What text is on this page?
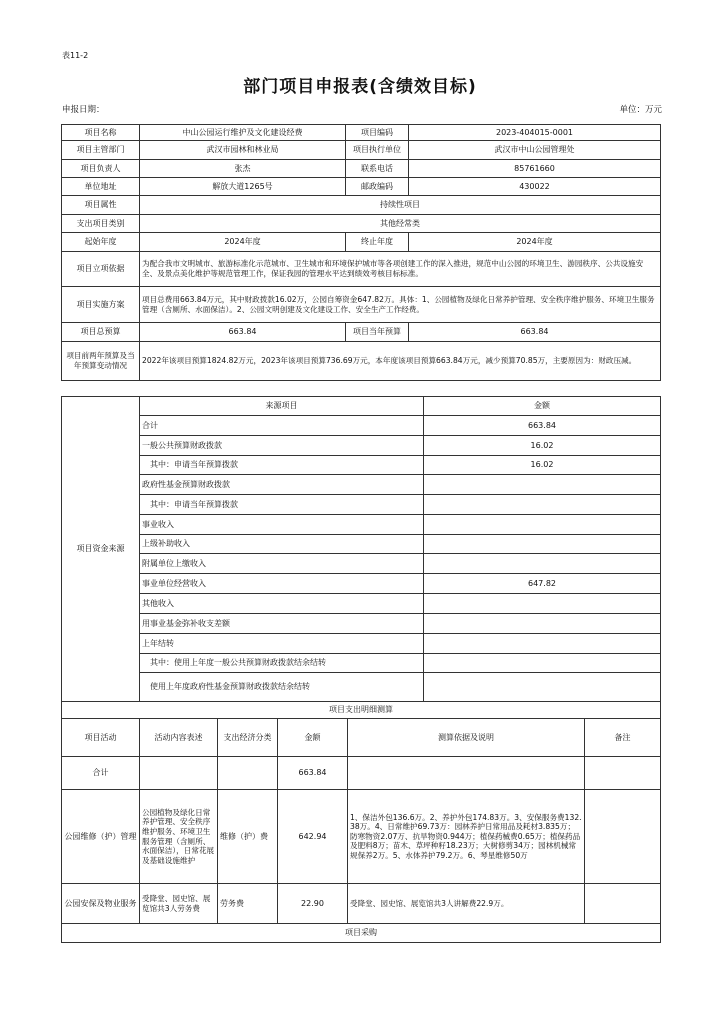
表11-2
部门项目申报表(含绩效目标)
申报日期：	单位：万元
项目名称	中山公园运行维护及文化建设经费	项目编码	2023-404015-0001
项目主管部门	武汉市园林和林业局	项目执行单位	武汉市中山公园管理处
项目负责人	张杰	联系电话	85761660
单位地址	解放大道1265号	邮政编码	430022
项目属性	持续性项目		
支出项目类别	其他经常类		
起始年度	2024年度	终止年度	2024年度
项目立项依据	为配合我市文明城市、旅游标准化示范城市、卫生城市和环境保护城市等各项创建工作的深入推进，规范中山公园的环境卫生、游园秩序、公共设施安全、及景点美化维护等规范管理工作，保证我园的管理水平达到绩效考核目标标准。		
项目实施方案	项目总费用663.84万元，其中财政拨款16.02万，公园自筹资金647.82万。具体：1、公园植物及绿化日常养护管理、安全秩序维护服务、环境卫生服务管理（含厕所、水面保洁）。2、公园文明创建及文化建设工作、安全生产工作经费。		
项目总预算	663.84	项目当年预算	663.84
项目前两年预算及当年预算变动情况	2022年该项目预算1824.82万元，2023年该项目预算736.69万元，本年度该项目预算663.84万元，减少预算70.85万，主要原因为：财政压减。		
项目资金来源	来源项目	金额
	合计	663.84
	一般公共预算财政拨款	16.02
	其中：申请当年预算拨款	16.02
	政府性基金预算财政拨款	
	其中：申请当年预算拨款	
	事业收入	
	上级补助收入	
	附属单位上缴收入	
	事业单位经营收入	647.82
	其他收入	
	用事业基金弥补收支差额	
	上年结转	
	其中：使用上年度一般公共预算财政拨款结余结转	
	使用上年度政府性基金预算财政拨款结余结转	
项目支出明细测算					
项目活动	活动内容表述	支出经济分类	金额	测算依据及说明	备注
合计			663.84		
公园维修（护）管理	公园植物及绿化日常养护管理、安全秩序维护服务、环境卫生服务管理（含厕所、水面保洁），日常花展及基础设施维护	维修（护）费	642.94	1、保洁外包136.6万。2、养护外包174.83万。3、安保服务费132.38万。4、日常维护69.73万：园林养护日常用品及耗材3.835万；防寒物资2.07万、抗旱物资0.944万；植保药械费0.65万；植保药品及肥料8万；苗木、草坪种籽18.23万；大树修剪34万；园林机械常规保养2万。5、水体养护79.2万。6、琴星维修50万	
公园安保及物业服务	受降堂、园史馆、展览馆共3人劳务费	劳务费	22.90	受降堂、园史馆、展览馆共3人讲解费22.9万。	
项目采购					
